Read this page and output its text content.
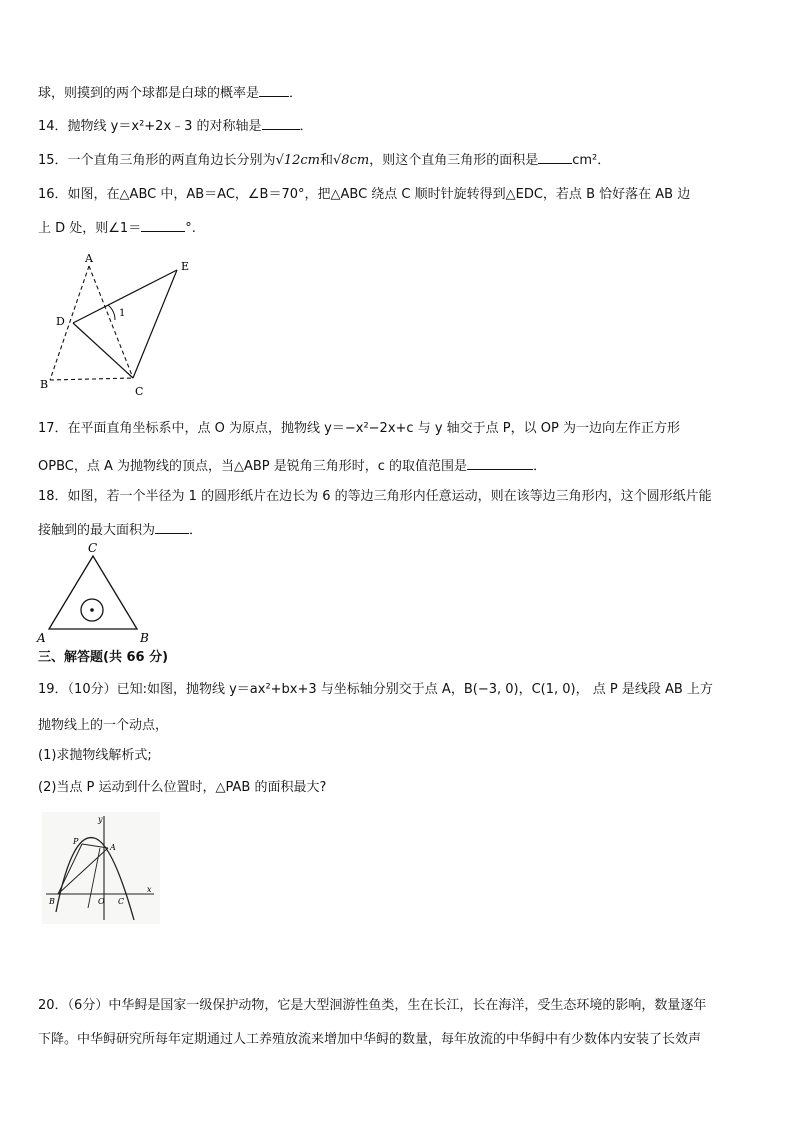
球，则摸到的两个球都是白球的概率是 ．
14．抛物线 y＝x²+2x﹣3 的对称轴是	．
15．一个直角三角形的两直角边长分别为√12cm和√8cm，则这个直角三角形的面积是	cm²．
16．如图，在△ABC 中，AB＝AC，∠B＝70°，把△ABC 绕点 C 顺时针旋转得到△EDC，若点 B 恰好落在 AB 边
上 D 处，则∠1＝	°.
A
E
D
B
C
1
17．在平面直角坐标系中，点 O 为原点，抛物线 y＝−x²−2x+c 与 y 轴交于点 P，以 OP 为一边向左作正方形
OPBC，点 A 为抛物线的顶点，当△ABP 是锐角三角形时，c 的取值范围是	．
18．如图，若一个半径为 1 的圆形纸片在边长为 6 的等边三角形内任意运动，则在该等边三角形内，这个圆形纸片能
接触到的最大面积为	．
C
A	B
三、解答题(共 66 分)
19．（10分）已知:如图，抛物线 y＝ax²+bx+3 与坐标轴分别交于点 A，B(−3, 0)，C(1, 0)， 点 P 是线段 AB 上方
抛物线上的一个动点，
(1)求抛物线解析式;
(2)当点 P 运动到什么位置时，△PAB 的面积最大?
y
P
A
B	O C
x
20．（6分）中华鲟是国家一级保护动物，它是大型洄游性鱼类，生在长江，长在海洋，受生态环境的影响，数量逐年
下降。中华鲟研究所每年定期通过人工养殖放流来增加中华鲟的数量，每年放流的中华鲟中有少数体内安装了长效声
